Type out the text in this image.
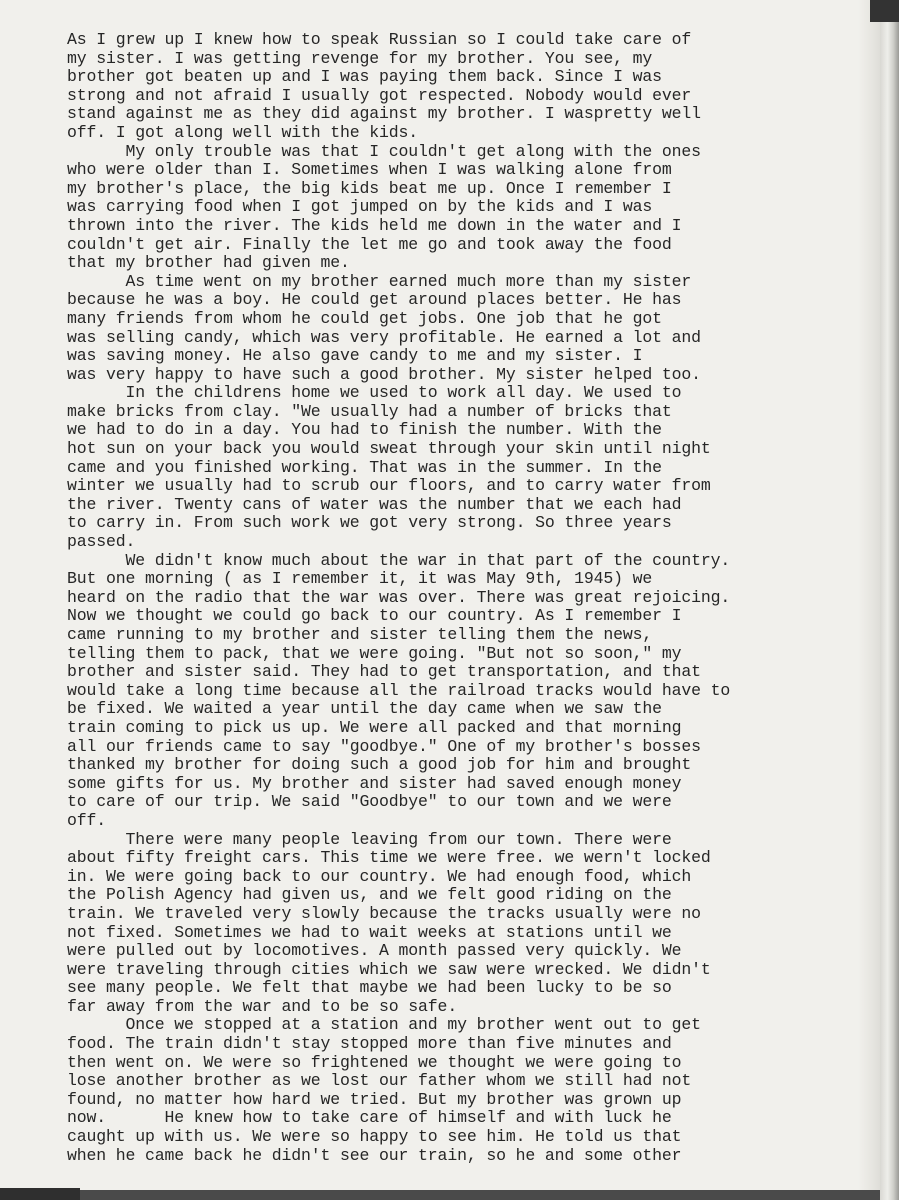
As I grew up I knew how to speak Russian so I could take care of
my sister. I was getting revenge for my brother. You see, my
brother got beaten up and I was paying them back. Since I was
strong and not afraid I usually got respected. Nobody would ever
stand against me as they did against my brother. I waspretty well
off. I got along well with the kids.
My only trouble was that I couldn't get along with the ones
who were older than I. Sometimes when I was walking alone from
my brother's place, the big kids beat me up. Once I remember I
was carrying food when I got jumped on by the kids and I was
thrown into the river. The kids held me down in the water and I
couldn't get air. Finally the let me go and took away the food
that my brother had given me.
As time went on my brother earned much more than my sister
because he was a boy. He could get around places better. He has
many friends from whom he could get jobs. One job that he got
was selling candy, which was very profitable. He earned a lot and
was saving money. He also gave candy to me and my sister. I
was very happy to have such a good brother. My sister helped too.
In the childrens home we used to work all day. We used to
make bricks from clay. "We usually had a number of bricks that
we had to do in a day. You had to finish the number. With the
hot sun on your back you would sweat through your skin until night
came and you finished working. That was in the summer. In the
winter we usually had to scrub our floors, and to carry water from
the river. Twenty cans of water was the number that we each had
to carry in. From such work we got very strong. So three years
passed.
We didn't know much about the war in that part of the country.
But one morning ( as I remember it, it was May 9th, 1945) we
heard on the radio that the war was over. There was great rejoicing.
Now we thought we could go back to our country. As I remember I
came running to my brother and sister telling them the news,
telling them to pack, that we were going. "But not so soon," my
brother and sister said. They had to get transportation, and that
would take a long time because all the railroad tracks would have to
be fixed. We waited a year until the day came when we saw the
train coming to pick us up. We were all packed and that morning
all our friends came to say "goodbye." One of my brother's bosses
thanked my brother for doing such a good job for him and brought
some gifts for us. My brother and sister had saved enough money
to care of our trip. We said "Goodbye" to our town and we were
off.
There were many people leaving from our town. There were
about fifty freight cars. This time we were free. we wern't locked
in. We were going back to our country. We had enough food, which
the Polish Agency had given us, and we felt good riding on the
train. We traveled very slowly because the tracks usually were no
not fixed. Sometimes we had to wait weeks at stations until we
were pulled out by locomotives. A month passed very quickly. We
were traveling through cities which we saw were wrecked. We didn't
see many people. We felt that maybe we had been lucky to be so
far away from the war and to be so safe.
Once we stopped at a station and my brother went out to get
food. The train didn't stay stopped more than five minutes and
then went on. We were so frightened we thought we were going to
lose another brother as we lost our father whom we still had not
found, no matter how hard we tried. But my brother was grown up
now.      He knew how to take care of himself and with luck he
caught up with us. We were so happy to see him. He told us that
when he came back he didn't see our train, so he and some other
